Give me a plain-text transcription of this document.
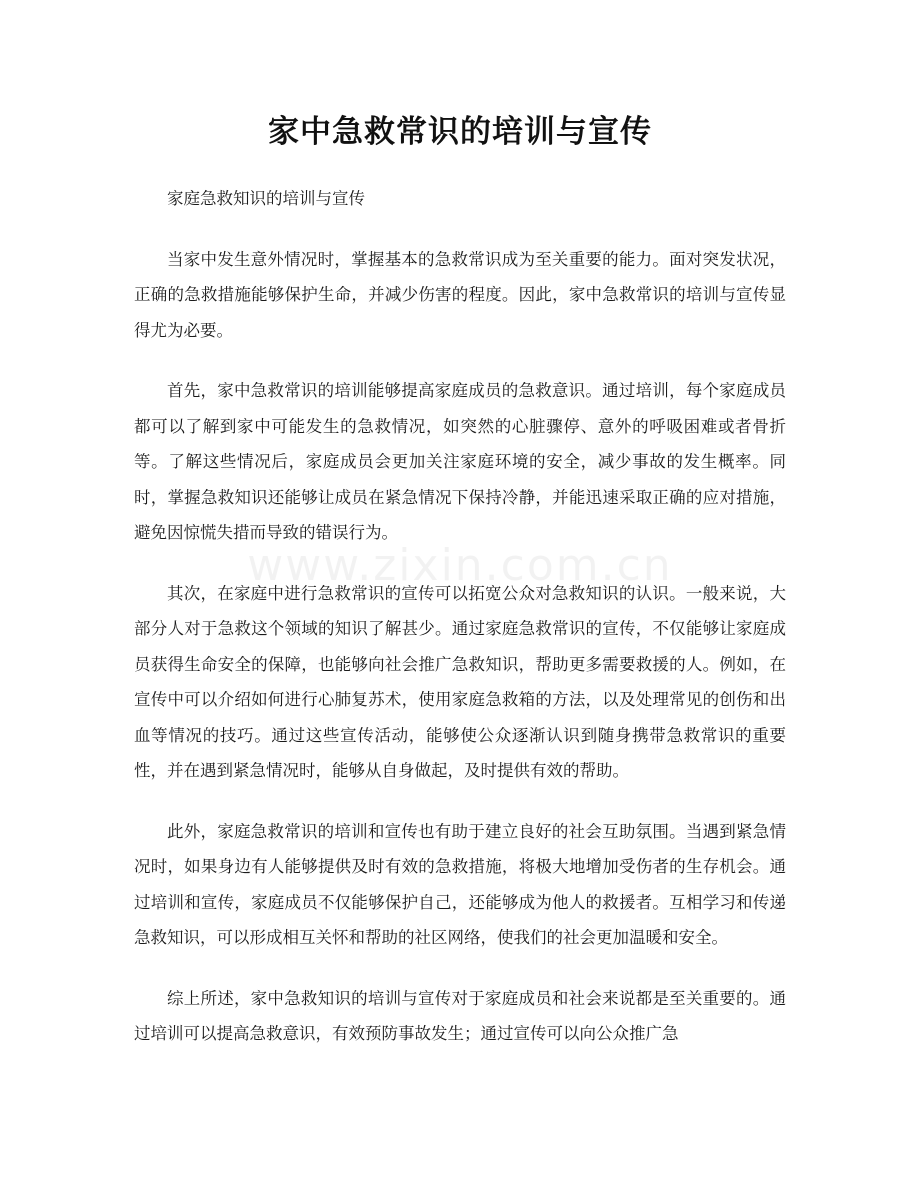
www.zixin.com.cn
家中急救常识的培训与宣传

家庭急救知识的培训与宣传

当家中发生意外情况时，掌握基本的急救常识成为至关重要的能力。面对突发状况，正确的急救措施能够保护生命，并减少伤害的程度。因此，家中急救常识的培训与宣传显得尤为必要。

首先，家中急救常识的培训能够提高家庭成员的急救意识。通过培训，每个家庭成员都可以了解到家中可能发生的急救情况，如突然的心脏骤停、意外的呼吸困难或者骨折等。了解这些情况后，家庭成员会更加关注家庭环境的安全，减少事故的发生概率。同时，掌握急救知识还能够让成员在紧急情况下保持冷静，并能迅速采取正确的应对措施，避免因惊慌失措而导致的错误行为。

其次，在家庭中进行急救常识的宣传可以拓宽公众对急救知识的认识。一般来说，大部分人对于急救这个领域的知识了解甚少。通过家庭急救常识的宣传，不仅能够让家庭成员获得生命安全的保障，也能够向社会推广急救知识，帮助更多需要救援的人。例如，在宣传中可以介绍如何进行心肺复苏术，使用家庭急救箱的方法，以及处理常见的创伤和出血等情况的技巧。通过这些宣传活动，能够使公众逐渐认识到随身携带急救常识的重要性，并在遇到紧急情况时，能够从自身做起，及时提供有效的帮助。

此外，家庭急救常识的培训和宣传也有助于建立良好的社会互助氛围。当遇到紧急情况时，如果身边有人能够提供及时有效的急救措施，将极大地增加受伤者的生存机会。通过培训和宣传，家庭成员不仅能够保护自己，还能够成为他人的救援者。互相学习和传递急救知识，可以形成相互关怀和帮助的社区网络，使我们的社会更加温暖和安全。

综上所述，家中急救知识的培训与宣传对于家庭成员和社会来说都是至关重要的。通过培训可以提高急救意识，有效预防事故发生；通过宣传可以向公众推广急
